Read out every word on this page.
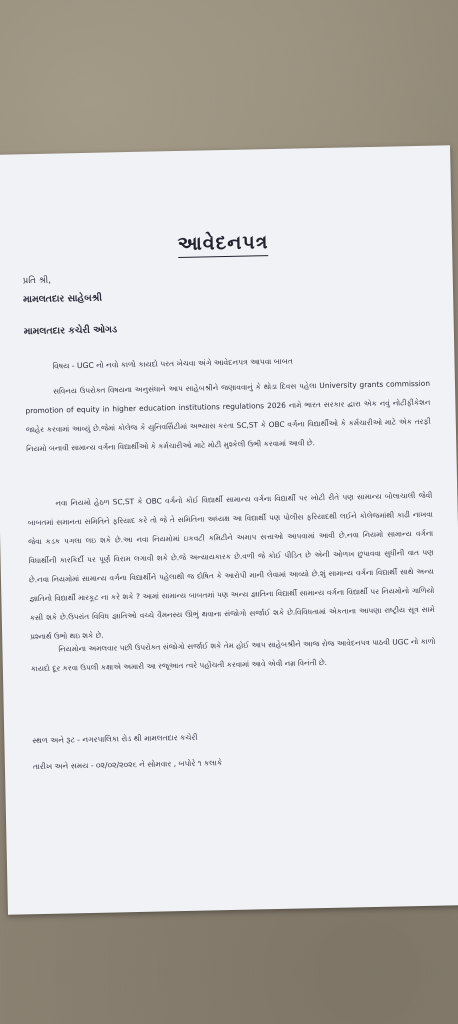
આવેદનપત્ર
પ્રતિ શ્રી,
મામલતદાર સાહેબશ્રી
મામલતદાર કચેરી ઓગડ
વિષય - UGC નો નવો કાળો કાયદો પરત ખેચવા અંગે આવેદનપત્ર આપવા બાબત
સવિનય ઉપરોક્ત વિષયના અનુસંધાને આપ સાહેબશ્રીને જણાવવાનું કે થોડા દિવસ પહેલા University grants commission promotion of equity in higher education institutions regulations 2026 નામે ભારત સરકાર દ્વારા એક નવું નોટીફીકેશન જાહેર કરવામાં આવ્યું છે.જેમાં કોલેજ કે યુનિવર્સિટીમાં અભ્યાસ કરતા SC,ST કે OBC વર્ગના વિદ્યાર્થીઓ કે કર્મચારીઓ માટે એક તરફી નિયમો બનાવી સામાન્ય વર્ગના વિદ્યાર્થીઓ કે કર્મચારીઓ માટે મોટી મુશ્કેલી ઉભી કરવામાં આવી છે.
નવા નિયમો હેઠળ SC,ST કે OBC વર્ગનો કોઈ વિદ્યાર્થી સામાન્ય વર્ગના વિદ્યાર્થી પર ખોટી રીતે પણ સામાન્ય બોલાચાલી જેવી બાબતમાં સમાનતા સમિતિને ફરિયાદ કરે તો જે તે સમિતિના અધ્યક્ષ આ વિદ્યાર્થી પણ પોલીસ ફરિયાદથી લઈને કોલેજમાંથી કાઢી નાખવા જેવા કડક પગલા લઇ શકે છે.આ નવા નિયમોમાં ઇકવટી કમિટીને અમાપ સત્તાઓ આપવામાં આવી છે.નવા નિયમો સામાન્ય વર્ગના વિધાર્થીની કારકિર્દી પર પૂર્ણ વિરામ લગાવી શકે છે.જે અન્યાયકારક છે.વળી જે કોઈ પીડિત છે એની ઓળખ છુપાવવા સુધીની વાત પણ છે.નવા નિયમોમાં સામાન્ય વર્ગના વિદ્યાર્થીને પહેલાથી જ દોષિત કે આરોપી માની લેવામાં આવ્યો છે.શું સામાન્ય વર્ગના વિદ્યાર્થી સાથે અન્ય જ્ઞાતિનો વિદ્યાર્થી મારકૂટ ના કરે શકે ? આમાં સામાન્ય બાબતમાં પણ અન્ય જ્ઞાતિના વિદ્યાર્થી સામાન્ય વર્ગના વિદ્યાર્થી પર નિયમોનો ગાળિયો કસી શકે છે.ઉપરાંત વિવિધ જ્ઞાતિઓ વચ્ચે વૈમનસ્ય ઊભું થવાના સંજોગો સર્જાઈ શકે છે.વિવિધતામાં એકતાના આપણા રાષ્ટ્રીય સૂત્ર સામે પ્રશ્નાર્થ ઉભો થઇ શકે છે.
નિયમોના અમલવાર પછી ઉપરોક્ત સંજોગો સર્જાઈ શકે તેમ હોઈ આપ સાહેબશ્રીને આજ રોજ આવેદનપત્ર પાઠવી UGC નો કાળો કાયદો દૂર કરવા ઉપલી કક્ષાએ અમારી આ રજૂઆત ત્વરે પહોંચતી કરવામાં આવે એવી નમ્ર વિનંતી છે.
સ્થળ અને રૂટ - નગરપાલિકા રોડ થી મામલતદાર કચેરી
તારીખ અને સમય - ૦૨/૦૨/૨૦૨૬ ને સોમવાર , બપોરે ૧ કલાકે
